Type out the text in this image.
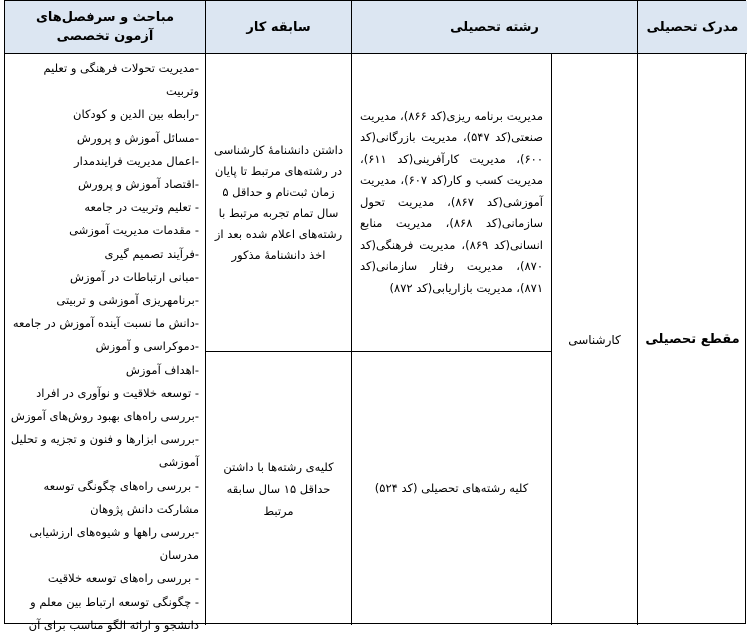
مدرک تحصیلی
رشته تحصیلی
سابقه کار
مباحث و سرفصل‌های آزمون تخصصی
مقطع تحصیلی
کارشناسی
مدیریت برنامه ریزی(کد ۸۶۶)، مدیریت صنعتی(کد ۵۴۷)، مدیریت بازرگانی(کد ۶۰۰)، مدیریت کارآفرینی(کد ۶۱۱)، مدیریت کسب و کار(کد ۶۰۷)، مدیریت آموزشی(کد ۸۶۷)، مدیریت تحول سازمانی(کد ۸۶۸)، مدیریت منابع انسانی(کد ۸۶۹)، مدیریت فرهنگی(کد ۸۷۰)، مدیریت رفتار سازمانی(کد ۸۷۱)، مدیریت بازاریابی(کد ۸۷۲)
داشتن دانشنامهٔ کارشناسی در رشته‌های مرتبط تا پایان زمان ثبت‌نام و حداقل ۵ سال تمام تجربه مرتبط با رشته‌های اعلام شده بعد از اخذ دانشنامهٔ مذکور
کلیه رشته‌های تحصیلی (کد ۵۲۴)
کلیه‌ی رشته‌ها با داشتن حداقل ۱۵ سال سابقه مرتبط
-مدیریت تحولات فرهنگی و تعلیم وتربیت
-رابطه بین الدین و کودکان
-مسائل آموزش و پرورش
-اعمال مدیریت فرایندمدار
-اقتصاد آموزش و پرورش
- تعلیم وتربیت در جامعه
- مقدمات مدیریت آموزشی
-فرآیند تصمیم گیری
-مبانی ارتباطات در آموزش
-برنامهریزی آموزشی و تربیتی
-دانش ما نسبت آینده آموزش در جامعه
-دموکراسی و آموزش
-اهداف آموزش
- توسعه خلاقیت و نوآوری در افراد
-بررسی راه‌های بهبود روش‌های آموزش
-بررسی ابزارها و فنون و تجزیه و تحلیل آموزشی
- بررسی راه‌های چگونگی توسعه مشارکت دانش پژوهان
-بررسی راهها و شیوه‌های ارزشیابی مدرسان
- بررسی راه‌های توسعه خلاقیت
- چگونگی توسعه ارتباط بین معلم و دانشجو و ارائه الگو مناسب برای آن
